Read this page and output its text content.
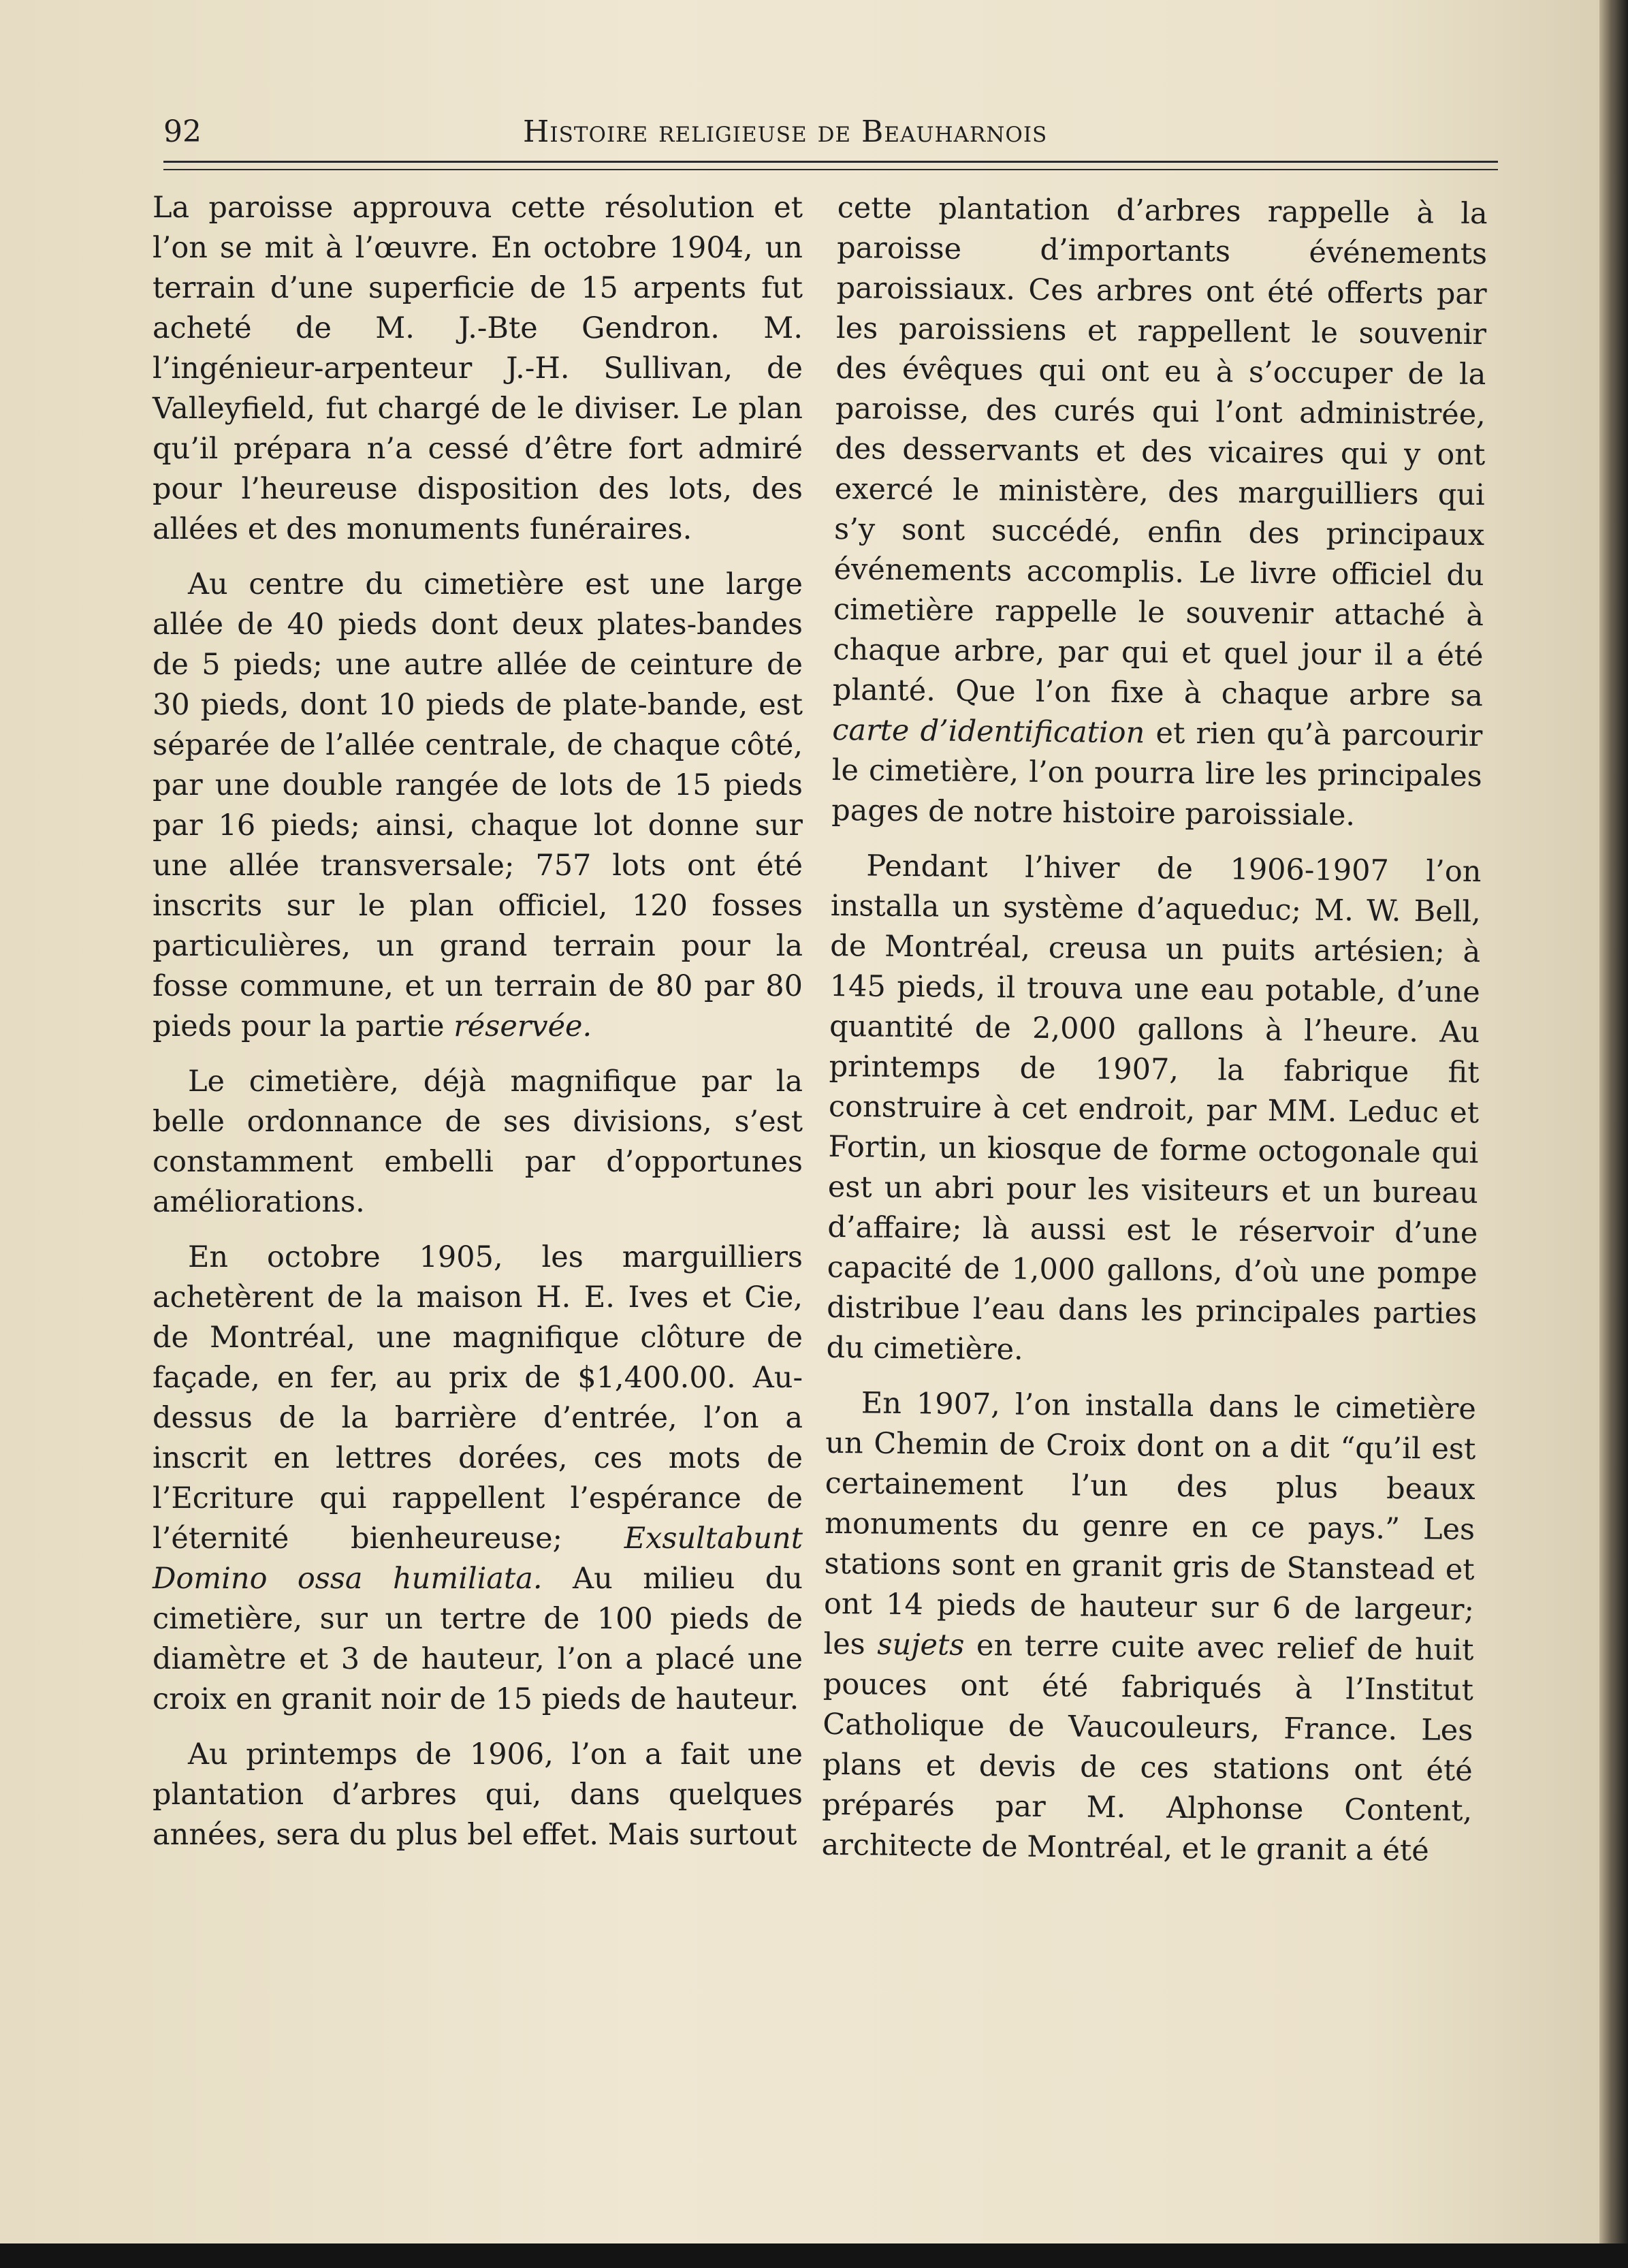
92	Histoire religieuse de Beauharnois

La paroisse approuva cette résolution et l’on se mit à l’œuvre. En octobre 1904, un terrain d’une superficie de 15 arpents fut acheté de M. J.-Bte Gendron. M. l’ingénieur-arpenteur J.-H. Sullivan, de Valleyfield, fut chargé de le diviser. Le plan qu’il prépara n’a cessé d’être fort admiré pour l’heureuse disposition des lots, des allées et des monuments funéraires.

Au centre du cimetière est une large allée de 40 pieds dont deux plates-bandes de 5 pieds; une autre allée de ceinture de 30 pieds, dont 10 pieds de plate-bande, est séparée de l’allée centrale, de chaque côté, par une double rangée de lots de 15 pieds par 16 pieds; ainsi, chaque lot donne sur une allée transversale; 757 lots ont été inscrits sur le plan officiel, 120 fosses particulières, un grand terrain pour la fosse commune, et un terrain de 80 par 80 pieds pour la partie réservée.

Le cimetière, déjà magnifique par la belle ordonnance de ses divisions, s’est constamment embelli par d’opportunes améliorations.

En octobre 1905, les marguilliers achetèrent de la maison H. E. Ives et Cie, de Montréal, une magnifique clôture de façade, en fer, au prix de $1,400.00. Au-dessus de la barrière d’entrée, l’on a inscrit en lettres dorées, ces mots de l’Ecriture qui rappellent l’espérance de l’éternité bienheureuse; Exsultabunt Domino ossa humiliata. Au milieu du cimetière, sur un tertre de 100 pieds de diamètre et 3 de hauteur, l’on a placé une croix en granit noir de 15 pieds de hauteur.

Au printemps de 1906, l’on a fait une plantation d’arbres qui, dans quelques années, sera du plus bel effet. Mais surtout

cette plantation d’arbres rappelle à la paroisse d’importants événements paroissiaux. Ces arbres ont été offerts par les paroissiens et rappellent le souvenir des évêques qui ont eu à s’occuper de la paroisse, des curés qui l’ont administrée, des desservants et des vicaires qui y ont exercé le ministère, des marguilliers qui s’y sont succédé, enfin des principaux événements accomplis. Le livre officiel du cimetière rappelle le souvenir attaché à chaque arbre, par qui et quel jour il a été planté. Que l’on fixe à chaque arbre sa carte d’identification et rien qu’à parcourir le cimetière, l’on pourra lire les principales pages de notre histoire paroissiale.

Pendant l’hiver de 1906-1907 l’on installa un système d’aqueduc; M. W. Bell, de Montréal, creusa un puits artésien; à 145 pieds, il trouva une eau potable, d’une quantité de 2,000 gallons à l’heure. Au printemps de 1907, la fabrique fit construire à cet endroit, par MM. Leduc et Fortin, un kiosque de forme octogonale qui est un abri pour les visiteurs et un bureau d’affaire; là aussi est le réservoir d’une capacité de 1,000 gallons, d’où une pompe distribue l’eau dans les principales parties du cimetière.

En 1907, l’on installa dans le cimetière un Chemin de Croix dont on a dit “qu’il est certainement l’un des plus beaux monuments du genre en ce pays.” Les stations sont en granit gris de Stanstead et ont 14 pieds de hauteur sur 6 de largeur; les sujets en terre cuite avec relief de huit pouces ont été fabriqués à l’Institut Catholique de Vaucouleurs, France. Les plans et devis de ces stations ont été préparés par M. Alphonse Content, architecte de Montréal, et le granit a été
